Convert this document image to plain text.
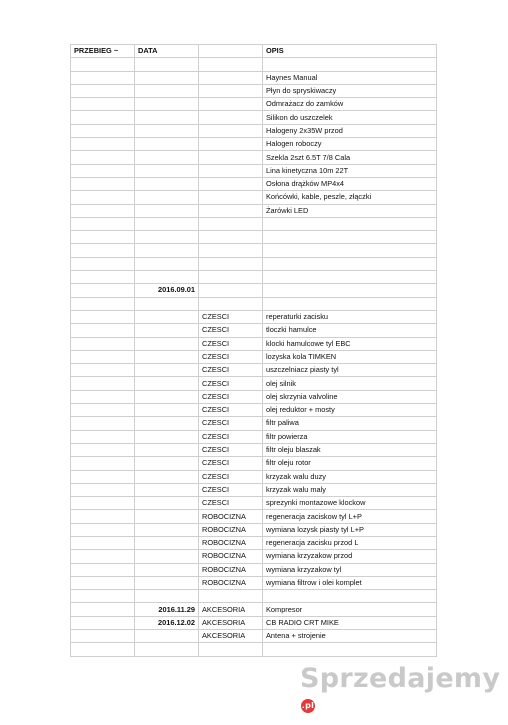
PRZEBIEG ~	DATA		OPIS

			Haynes Manual
			Płyn do spryskiwaczy
			Odmrażacz do zamków
			Silikon do uszczelek
			Halogeny 2x35W przod
			Halogen roboczy
			Szekla 2szt 6.5T 7/8 Cala
			Lina kinetyczna 10m 22T
			Osłona drążków MP4x4
			Końcówki, kable, peszle, złączki
			Żarówki LED

	2016.09.01		

		CZESCI	reperaturki zacisku
		CZESCI	tloczki hamulce
		CZESCI	klocki hamulcowe tyl EBC
		CZESCI	lozyska kola TIMKEN
		CZESCI	uszczelniacz piasty tyl
		CZESCI	olej silnik
		CZESCI	olej skrzynia valvoline
		CZESCI	olej reduktor + mosty
		CZESCI	filtr paliwa
		CZESCI	filtr powierza
		CZESCI	filtr oleju blaszak
		CZESCI	filtr oleju rotor
		CZESCI	krzyzak walu duzy
		CZESCI	krzyzak walu maly
		CZESCI	sprezynki montazowe klockow
		ROBOCIZNA	regeneracja zaciskow tyl L+P
		ROBOCIZNA	wymiana lozysk piasty tyl L+P
		ROBOCIZNA	regeneracja zacisku przod L
		ROBOCIZNA	wymiana krzyzakow przod
		ROBOCIZNA	wymiana krzyzakow tyl
		ROBOCIZNA	wymiana filtrow i olei komplet

	2016.11.29	AKCESORIA	Kompresor
	2016.12.02	AKCESORIA	CB RADIO CRT MIKE
		AKCESORIA	Antena + strojenie

Sprzedajemy.pl
